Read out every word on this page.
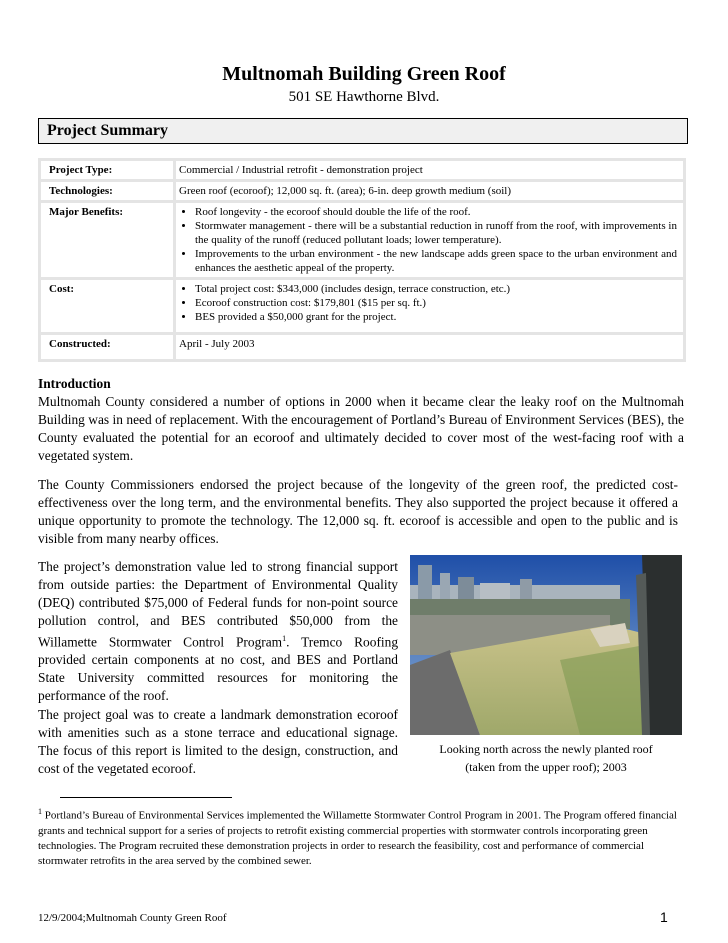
Multnomah Building Green Roof
501 SE Hawthorne Blvd.
Project Summary
Project Type:	Commercial / Industrial retrofit - demonstration project
Technologies:	Green roof (ecoroof); 12,000 sq. ft. (area); 6-in. deep growth medium (soil)
Major Benefits:	• Roof longevity - the ecoroof should double the life of the roof.
• Stormwater management - there will be a substantial reduction in runoff from the roof, with improvements in the quality of the runoff (reduced pollutant loads; lower temperature).
• Improvements to the urban environment - the new landscape adds green space to the urban environment and enhances the aesthetic appeal of the property.
Cost:	• Total project cost: $343,000 (includes design, terrace construction, etc.)
• Ecoroof construction cost: $179,801 ($15 per sq. ft.)
• BES provided a $50,000 grant for the project.
Constructed:	April - July 2003
Introduction
Multnomah County considered a number of options in 2000 when it became clear the leaky roof on the Multnomah Building was in need of replacement. With the encouragement of Portland’s Bureau of Environment Services (BES), the County evaluated the potential for an ecoroof and ultimately decided to cover most of the west-facing roof with a vegetated system.
The County Commissioners endorsed the project because of the longevity of the green roof, the predicted cost-effectiveness over the long term, and the environmental benefits. They also supported the project because it offered a unique opportunity to promote the technology. The 12,000 sq. ft. ecoroof is accessible and open to the public and is visible from many nearby offices.
The project’s demonstration value led to strong financial support from outside parties: the Department of Environmental Quality (DEQ) contributed $75,000 of Federal funds for non-point source pollution control, and BES contributed $50,000 from the Willamette Stormwater Control Program$^1$. Tremco Roofing provided certain components at no cost, and BES and Portland State University committed resources for monitoring the performance of the roof.
The project goal was to create a landmark demonstration ecoroof with amenities such as a stone terrace and educational signage. The focus of this report is limited to the design, construction, and cost of the vegetated ecoroof.
Looking north across the newly planted roof
(taken from the upper roof); 2003
$^1$ Portland’s Bureau of Environmental Services implemented the Willamette Stormwater Control Program in 2001. The Program offered financial grants and technical support for a series of projects to retrofit existing commercial properties with stormwater controls incorporating green technologies. The Program recruited these demonstration projects in order to research the feasibility, cost and performance of commercial stormwater retrofits in the area served by the combined sewer.
12/9/2004;Multnomah County Green Roof	1
